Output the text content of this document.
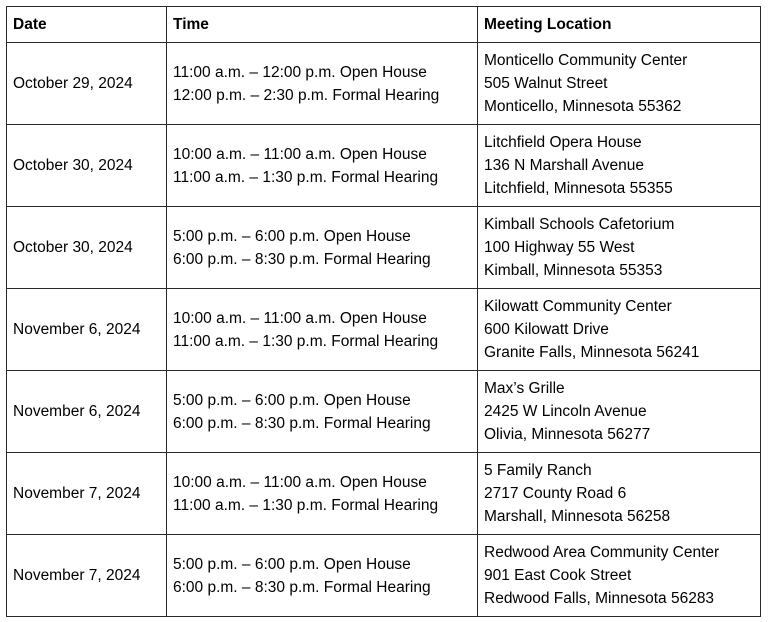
Date	Time	Meeting Location
October 29, 2024	11:00 a.m. – 12:00 p.m. Open House
12:00 p.m. – 2:30 p.m. Formal Hearing	Monticello Community Center
505 Walnut Street
Monticello, Minnesota 55362

October 30, 2024	10:00 a.m. – 11:00 a.m. Open House
11:00 a.m. – 1:30 p.m. Formal Hearing	Litchfield Opera House
136 N Marshall Avenue
Litchfield, Minnesota 55355

October 30, 2024	5:00 p.m. – 6:00 p.m. Open House
6:00 p.m. – 8:30 p.m. Formal Hearing	Kimball Schools Cafetorium
100 Highway 55 West
Kimball, Minnesota 55353

November 6, 2024	10:00 a.m. – 11:00 a.m. Open House
11:00 a.m. – 1:30 p.m. Formal Hearing	Kilowatt Community Center
600 Kilowatt Drive
Granite Falls, Minnesota 56241

November 6, 2024	5:00 p.m. – 6:00 p.m. Open House
6:00 p.m. – 8:30 p.m. Formal Hearing	Max’s Grille
2425 W Lincoln Avenue
Olivia, Minnesota 56277

November 7, 2024	10:00 a.m. – 11:00 a.m. Open House
11:00 a.m. – 1:30 p.m. Formal Hearing	5 Family Ranch
2717 County Road 6
Marshall, Minnesota 56258

November 7, 2024	5:00 p.m. – 6:00 p.m. Open House
6:00 p.m. – 8:30 p.m. Formal Hearing	Redwood Area Community Center
901 East Cook Street
Redwood Falls, Minnesota 56283
